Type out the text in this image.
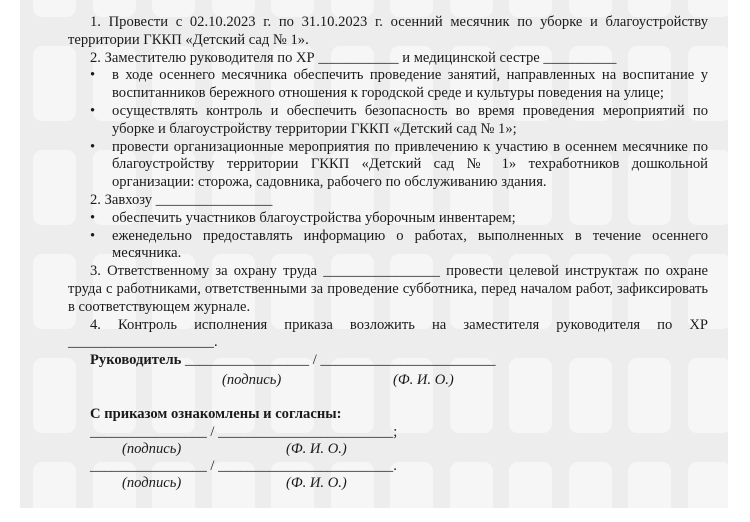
1. Провести с 02.10.2023 г. по 31.10.2023 г. осенний месячник по уборке и благоустройству территории ГККП «Детский сад № 1».

2. Заместителю руководителя по ХР ___________ и медицинской сестре __________

• в ходе осеннего месячника обеспечить проведение занятий, направленных на воспитание у воспитанников бережного отношения к городской среде и культуры поведения на улице;

• осуществлять контроль и обеспечить безопасность во время проведения мероприятий по уборке и благоустройству территории ГККП «Детский сад № 1»;

• провести организационные мероприятия по привлечению к участию в осеннем месячнике по благоустройству территории ГККП «Детский сад № 1» техработников дошкольной организации: сторожа, садовника, рабочего по обслуживанию здания.

2. Завхозу ________________

• обеспечить участников благоустройства уборочным инвентарем;

• еженедельно предоставлять информацию о работах, выполненных в течение осеннего месячника.

3. Ответственному за охрану труда ________________ провести целевой инструктаж по охране труда с работниками, ответственными за проведение субботника, перед началом работ, зафиксировать в соответствующем журнале.

4. Контроль исполнения приказа возложить на заместителя руководителя по ХР ____________________.

Руководитель _________________ / ________________________
(подпись)	(Ф. И. О.)
С приказом ознакомлены и согласны:
________________ / ________________________;
(подпись)	(Ф. И. О.)
________________ / ________________________.
(подпись)	(Ф. И. О.)
